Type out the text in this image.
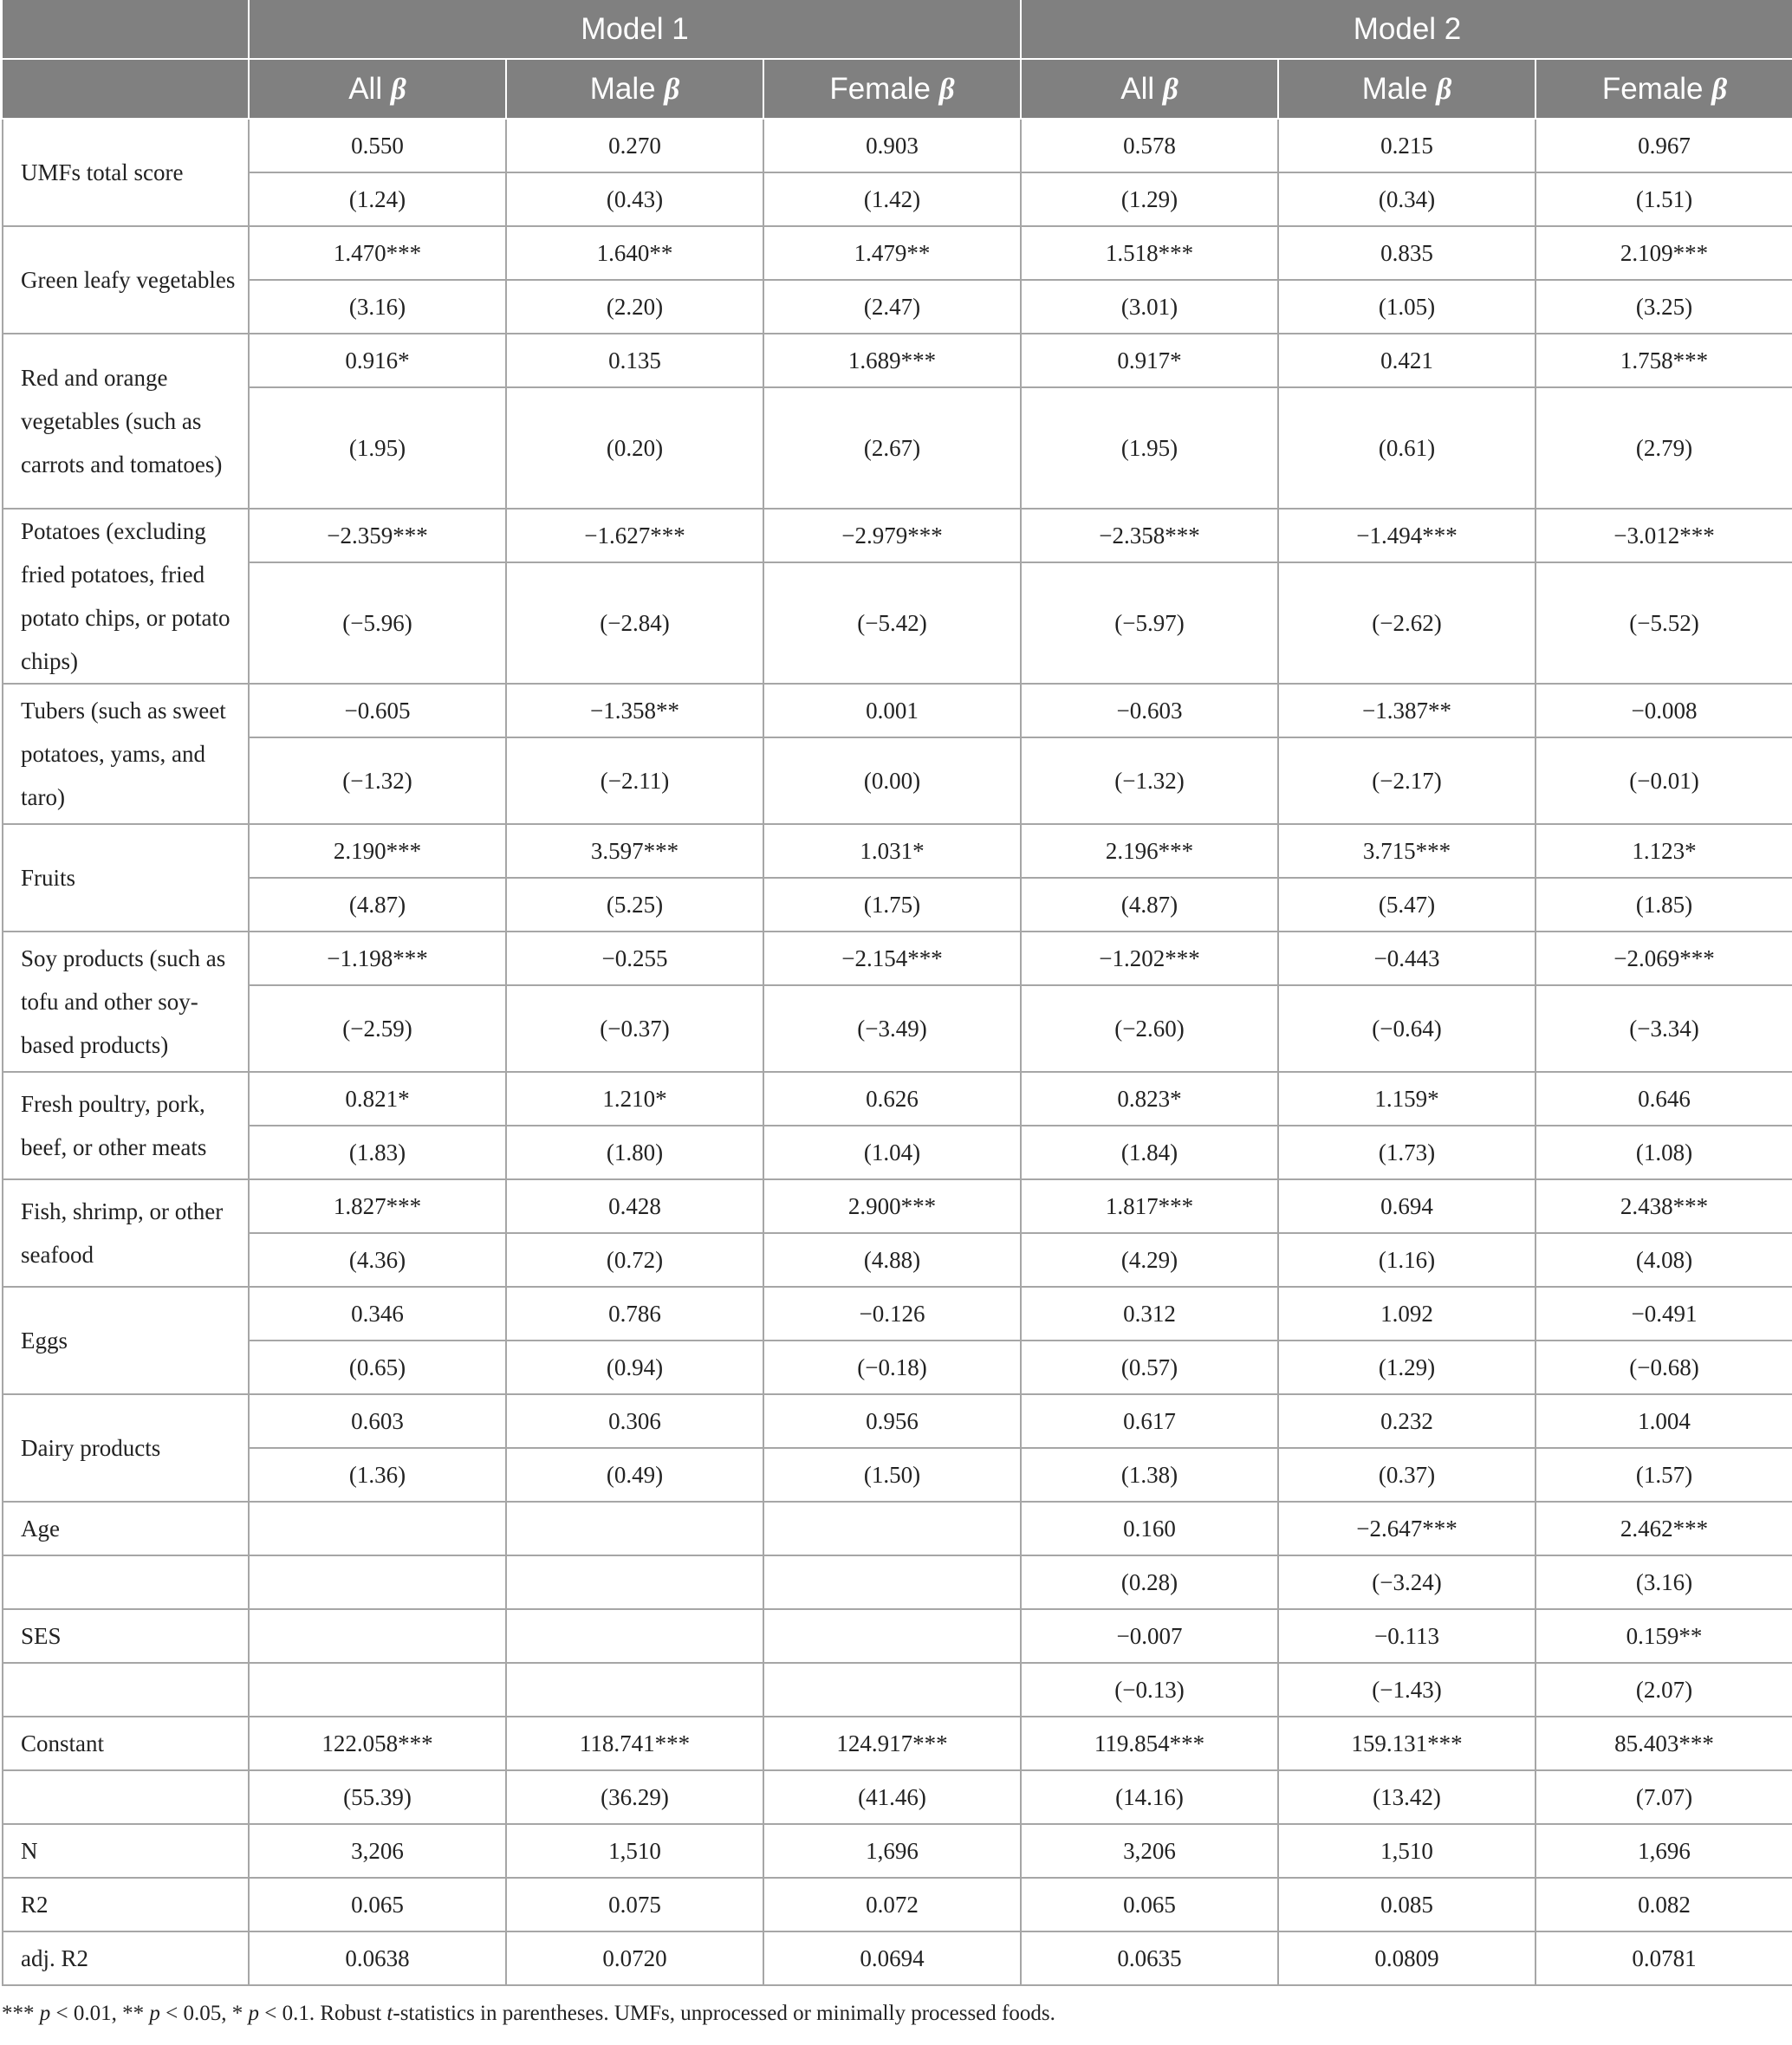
	Model 1			Model 2		
	All β	Male β	Female β	All β	Male β	Female β
UMFs total score	0.550	0.270	0.903	0.578	0.215	0.967
	(1.24)	(0.43)	(1.42)	(1.29)	(0.34)	(1.51)
Green leafy vegetables	1.470***	1.640**	1.479**	1.518***	0.835	2.109***
	(3.16)	(2.20)	(2.47)	(3.01)	(1.05)	(3.25)
Red and orange vegetables (such as carrots and tomatoes)	0.916*	0.135	1.689***	0.917*	0.421	1.758***
	(1.95)	(0.20)	(2.67)	(1.95)	(0.61)	(2.79)
Potatoes (excluding fried potatoes, fried potato chips, or potato chips)	−2.359***	−1.627***	−2.979***	−2.358***	−1.494***	−3.012***
	(−5.96)	(−2.84)	(−5.42)	(−5.97)	(−2.62)	(−5.52)
Tubers (such as sweet potatoes, yams, and taro)	−0.605	−1.358**	0.001	−0.603	−1.387**	−0.008
	(−1.32)	(−2.11)	(0.00)	(−1.32)	(−2.17)	(−0.01)
Fruits	2.190***	3.597***	1.031*	2.196***	3.715***	1.123*
	(4.87)	(5.25)	(1.75)	(4.87)	(5.47)	(1.85)
Soy products (such as tofu and other soy-based products)	−1.198***	−0.255	−2.154***	−1.202***	−0.443	−2.069***
	(−2.59)	(−0.37)	(−3.49)	(−2.60)	(−0.64)	(−3.34)
Fresh poultry, pork, beef, or other meats	0.821*	1.210*	0.626	0.823*	1.159*	0.646
	(1.83)	(1.80)	(1.04)	(1.84)	(1.73)	(1.08)
Fish, shrimp, or other seafood	1.827***	0.428	2.900***	1.817***	0.694	2.438***
	(4.36)	(0.72)	(4.88)	(4.29)	(1.16)	(4.08)
Eggs	0.346	0.786	−0.126	0.312	1.092	−0.491
	(0.65)	(0.94)	(−0.18)	(0.57)	(1.29)	(−0.68)
Dairy products	0.603	0.306	0.956	0.617	0.232	1.004
	(1.36)	(0.49)	(1.50)	(1.38)	(0.37)	(1.57)
Age				0.160	−2.647***	2.462***
				(0.28)	(−3.24)	(3.16)
SES				−0.007	−0.113	0.159**
				(−0.13)	(−1.43)	(2.07)
Constant	122.058***	118.741***	124.917***	119.854***	159.131***	85.403***
	(55.39)	(36.29)	(41.46)	(14.16)	(13.42)	(7.07)
N	3,206	1,510	1,696	3,206	1,510	1,696
R2	0.065	0.075	0.072	0.065	0.085	0.082
adj. R2	0.0638	0.0720	0.0694	0.0635	0.0809	0.0781
*** p < 0.01, ** p < 0.05, * p < 0.1. Robust t-statistics in parentheses. UMFs, unprocessed or minimally processed foods.
